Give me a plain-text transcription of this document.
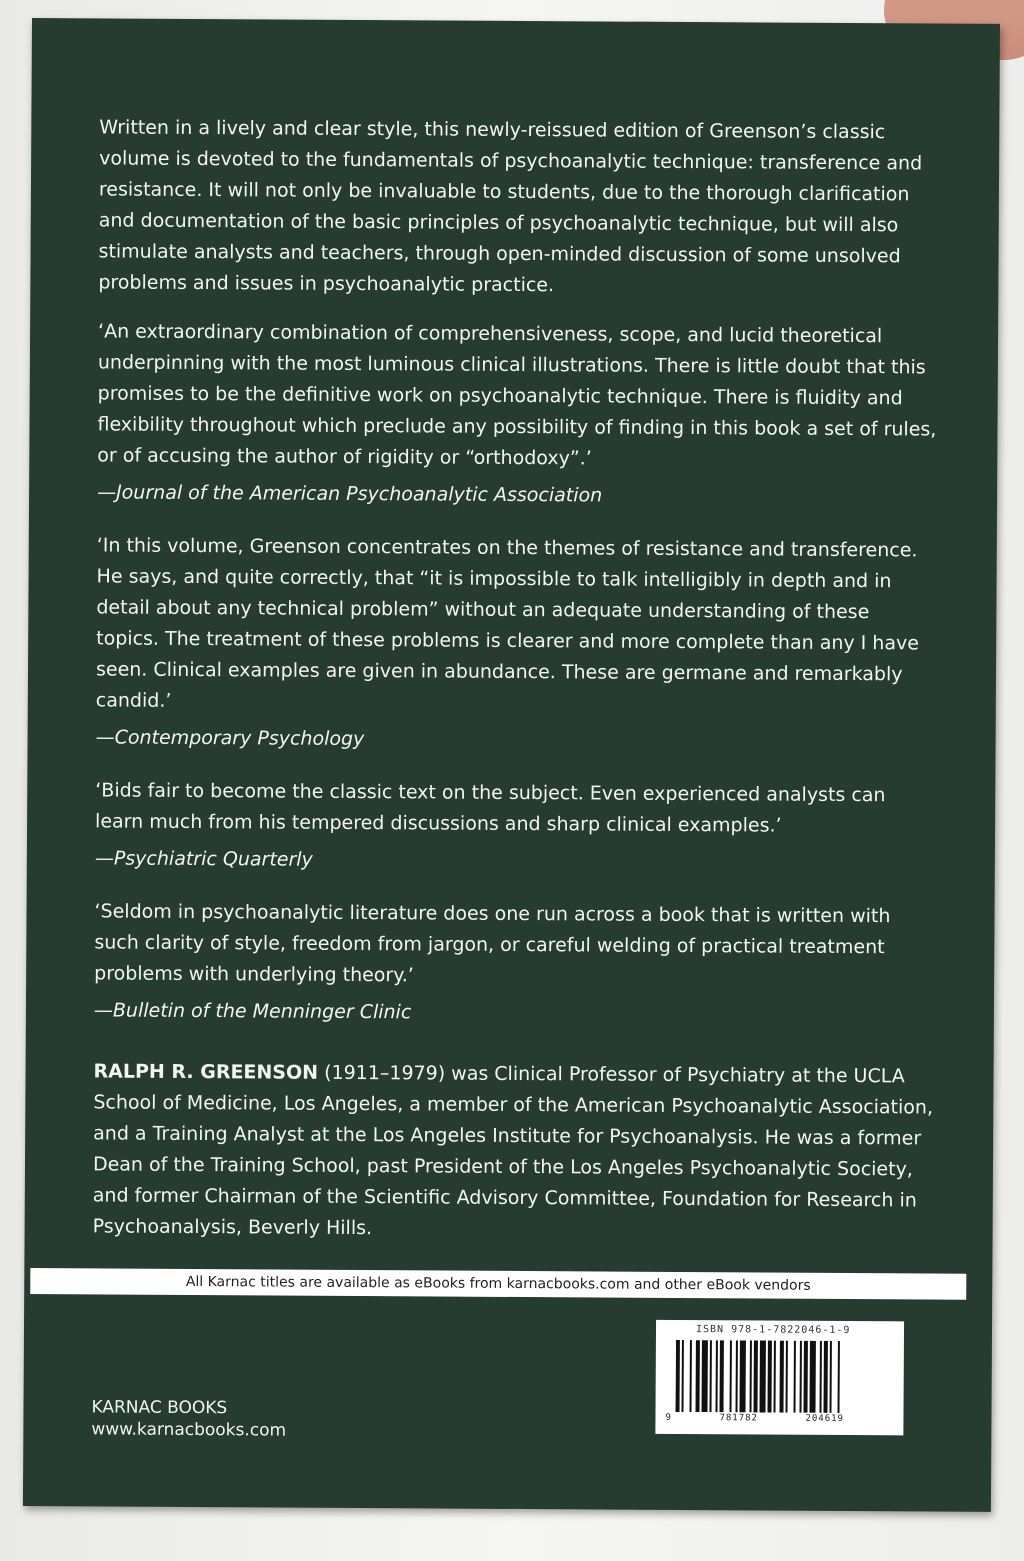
Written in a lively and clear style, this newly-reissued edition of Greenson’s classic volume is devoted to the fundamentals of psychoanalytic technique: transference and resistance. It will not only be invaluable to students, due to the thorough clarification and documentation of the basic principles of psychoanalytic technique, but will also stimulate analysts and teachers, through open-minded discussion of some unsolved problems and issues in psychoanalytic practice.

‘An extraordinary combination of comprehensiveness, scope, and lucid theoretical underpinning with the most luminous clinical illustrations. There is little doubt that this promises to be the definitive work on psychoanalytic technique. There is fluidity and flexibility throughout which preclude any possibility of finding in this book a set of rules, or of accusing the author of rigidity or “orthodoxy”.’

—Journal of the American Psychoanalytic Association

‘In this volume, Greenson concentrates on the themes of resistance and transference. He says, and quite correctly, that “it is impossible to talk intelligibly in depth and in detail about any technical problem” without an adequate understanding of these topics. The treatment of these problems is clearer and more complete than any I have seen. Clinical examples are given in abundance. These are germane and remarkably candid.’

—Contemporary Psychology

‘Bids fair to become the classic text on the subject. Even experienced analysts can learn much from his tempered discussions and sharp clinical examples.’

—Psychiatric Quarterly

‘Seldom in psychoanalytic literature does one run across a book that is written with such clarity of style, freedom from jargon, or careful welding of practical treatment problems with underlying theory.’

—Bulletin of the Menninger Clinic

RALPH R. GREENSON (1911–1979) was Clinical Professor of Psychiatry at the UCLA School of Medicine, Los Angeles, a member of the American Psychoanalytic Association, and a Training Analyst at the Los Angeles Institute for Psychoanalysis. He was a former Dean of the Training School, past President of the Los Angeles Psychoanalytic Society, and former Chairman of the Scientific Advisory Committee, Foundation for Research in Psychoanalysis, Beverly Hills.

All Karnac titles are available as eBooks from karnacbooks.com and other eBook vendors
KARNAC BOOKS
www.karnacbooks.com
ISBN 978-1-7822046-1-9
9	781782	204619
